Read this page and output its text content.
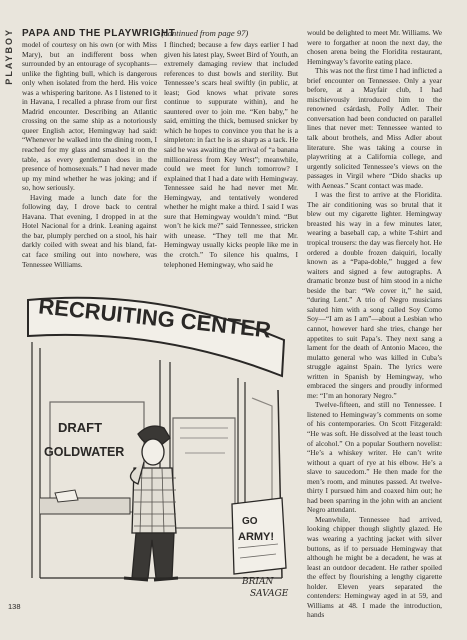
PLAYBOY PAPA AND THE PLAYWRIGHT
(continued from page 97)

model of courtesy on his own (or with Miss Mary), but an indifferent boss when surrounded by an entourage of sycophants—unlike the fighting bull, which is dangerous only when isolated from the herd. His voice was a whispering baritone. As I listened to it in Havana, I recalled a phrase from our first Madrid encounter. Describing an Atlantic crossing on the same ship as a notoriously queer English actor, Hemingway had said: “Whenever he walked into the dining room, I reached for my glass and smashed it on the table, as every gentleman does in the presence of homosexuals.” I had never made up my mind whether he was joking; and if so, how seriously.

Having made a lunch date for the following day, I drove back to central Havana. That evening, I dropped in at the Hotel Nacional for a drink. Leaning against the bar, plumply perched on a stool, his hair darkly coiled with sweat and his bland, fat-cat face smiling out into nowhere, was Tennessee Williams.

I flinched; because a few days earlier I had given his latest play, Sweet Bird of Youth, an extremely damaging review that included references to dust bowls and sterility. But Tennessee’s scars heal swiftly (in public, at least; God knows what private sores continue to suppurate within), and he sauntered over to join me. “Ken baby,” he said, emitting the thick, bemused snicker by which he hopes to convince you that he is a simpleton: in fact he is as sharp as a tack. He said he was awaiting the arrival of “a banana millionairess from Key West”; meanwhile, could we meet for lunch tomorrow? I explained that I had a date with Hemingway. Tennessee said he had never met Mr. Hemingway, and tentatively wondered whether he might make a third. I said I was sure that Hemingway wouldn’t mind. “But won’t he kick me?” said Tennessee, stricken with unease. “They tell me that Mr. Hemingway usually kicks people like me in the crotch.” To silence his qualms, I telephoned Hemingway, who said he

would be delighted to meet Mr. Williams. We were to forgather at noon the next day, the chosen arena being the Floridita restaurant, Hemingway’s favorite eating place.

This was not the first time I had inflicted a brief encounter on Tennessee. Only a year before, at a Mayfair club, I had mischievously introduced him to the renowned csárdash, Polly Adler. Their conversation had been conducted on parallel lines that never met: Tennessee wanted to talk about brothels, and Miss Adler about literature. She was taking a course in playwriting at a California college, and urgently solicited Tennessee’s views on the passages in Virgil where “Dido shacks up with Aeneas.” Scant contact was made.

I was the first to arrive at the Floridita. The air conditioning was so brutal that it blew out my cigarette lighter. Hemingway breasted his way in a few minutes later, wearing a baseball cap, a white T-shirt and tropical trousers: the day was fiercely hot. He ordered a double frozen daiquiri, locally known as a “Papa-doble,” hugged a few waiters and signed a few autographs. A dramatic bronze bust of him stood in a niche beside the bar: “We cover it,” he said, “during Lent.” A trio of Negro musicians saluted him with a song called Soy Como Soy—“I am as I am”—about a Lesbian who cannot, however hard she tries, change her appetites to suit Papa’s. They next sang a lament for the death of Antonio Maceo, the mulatto general who was killed in Cuba’s struggle against Spain. The lyrics were written in Spanish by Hemingway, who embraced the singers and proudly informed me: “I’m an honorary Negro.”

Twelve-fifteen, and still no Tennessee. I listened to Hemingway’s comments on some of his contemporaries. On Scott Fitzgerald: “He was soft. He dissolved at the least touch of alcohol.” On a popular Southern novelist: “He’s a whiskey writer. He can’t write without a quart of rye at his elbow. He’s a slave to saucedom.” He then made for the men’s room, and minutes passed. At twelve-thirty I pursued him and coaxed him out; he had been sparring in the john with an ancient Negro attendant.

Meanwhile, Tennessee had arrived, looking chipper though slightly glazed. He was wearing a yachting jacket with silver buttons, as if to persuade Hemingway that although he might be a decadent, he was at least an outdoor decadent. He rather spoiled the effect by flourishing a lengthy cigarette holder. Eleven years separated the contenders: Hemingway aged in at 59, and Williams at 48. I made the introduction, hands

RECRUITING CENTER
DRAFT
GOLDWATER
GO
ARMY!
BRIAN
SAVAGE
138
